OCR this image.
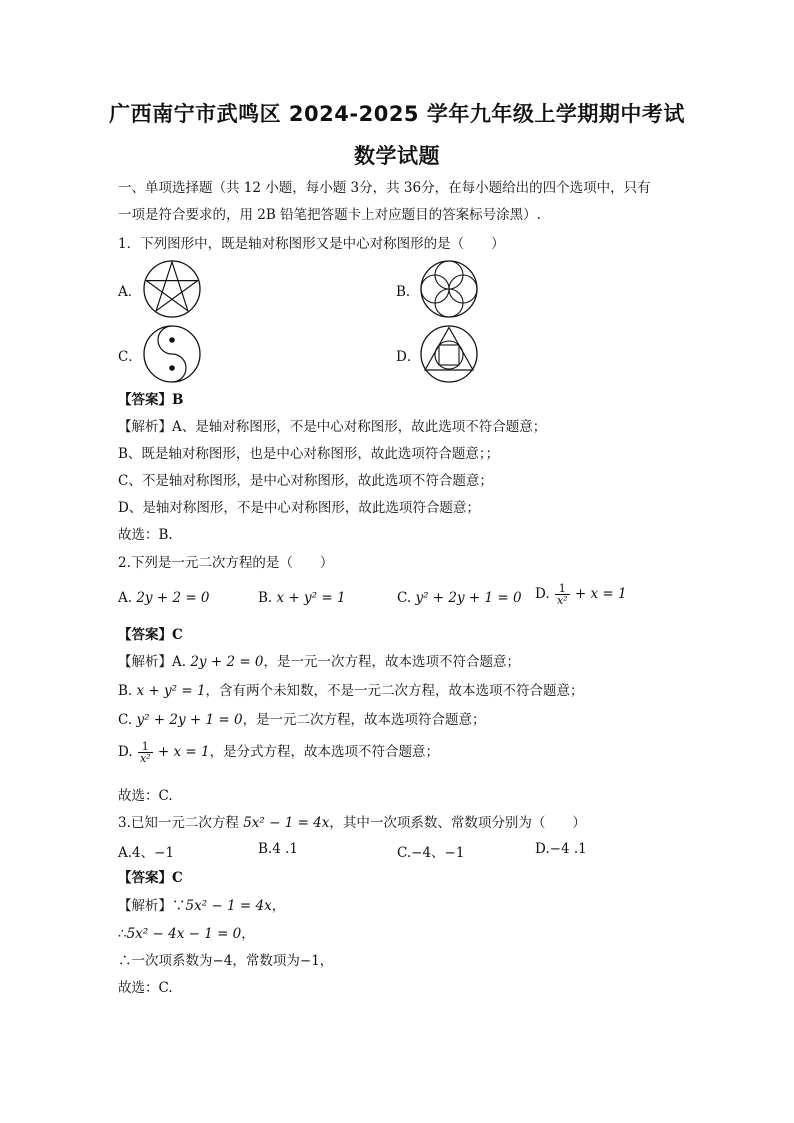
广西南宁市武鸣区 2024-2025 学年九年级上学期期中考试
数学试题
一、单项选择题（共 12 小题，每小题 3分，共 36分，在每小题给出的四个选项中，只有
一项是符合要求的，用 2B 铅笔把答题卡上对应题目的答案标号涂黑）.
1．下列图形中，既是轴对称图形又是中心对称图形的是（　　）
A．	B．
C．	D．
【答案】B
【解析】A、是轴对称图形，不是中心对称图形，故此选项不符合题意；
B、既是轴对称图形，也是中心对称图形，故此选项符合题意；；
C、不是轴对称图形，是中心对称图形，故此选项不符合题意；
D、是轴对称图形，不是中心对称图形，故此选项符合题意；
故选：B.
2.下列是一元二次方程的是（　　）
A. 2y + 2 = 0	B. x + y² = 1	C. y² + 2y + 1 = 0 D. $\frac{1}{\text{x²}} + x = 1$
【答案】C
【解析】A. 2y + 2 = 0，是一元一次方程，故本选项不符合题意；
B. x + y² = 1，含有两个未知数，不是一元二次方程，故本选项不符合题意；
C. y² + 2y + 1 = 0，是一元二次方程，故本选项符合题意；
D. $\frac{1}{\text{x²}} + x = 1$，是分式方程，故本选项不符合题意；
故选：C.
3.已知一元二次方程 5x² − 1 = 4x，其中一次项系数、常数项分别为（　　）
A.4、−1	B.4 .1	C.−4、−1	D.−4 .1
【答案】C
【解析】∵5x² − 1 = 4x，
∴5x² − 4x − 1 = 0，
∴一次项系数为−4，常数项为−1，
故选：C.
